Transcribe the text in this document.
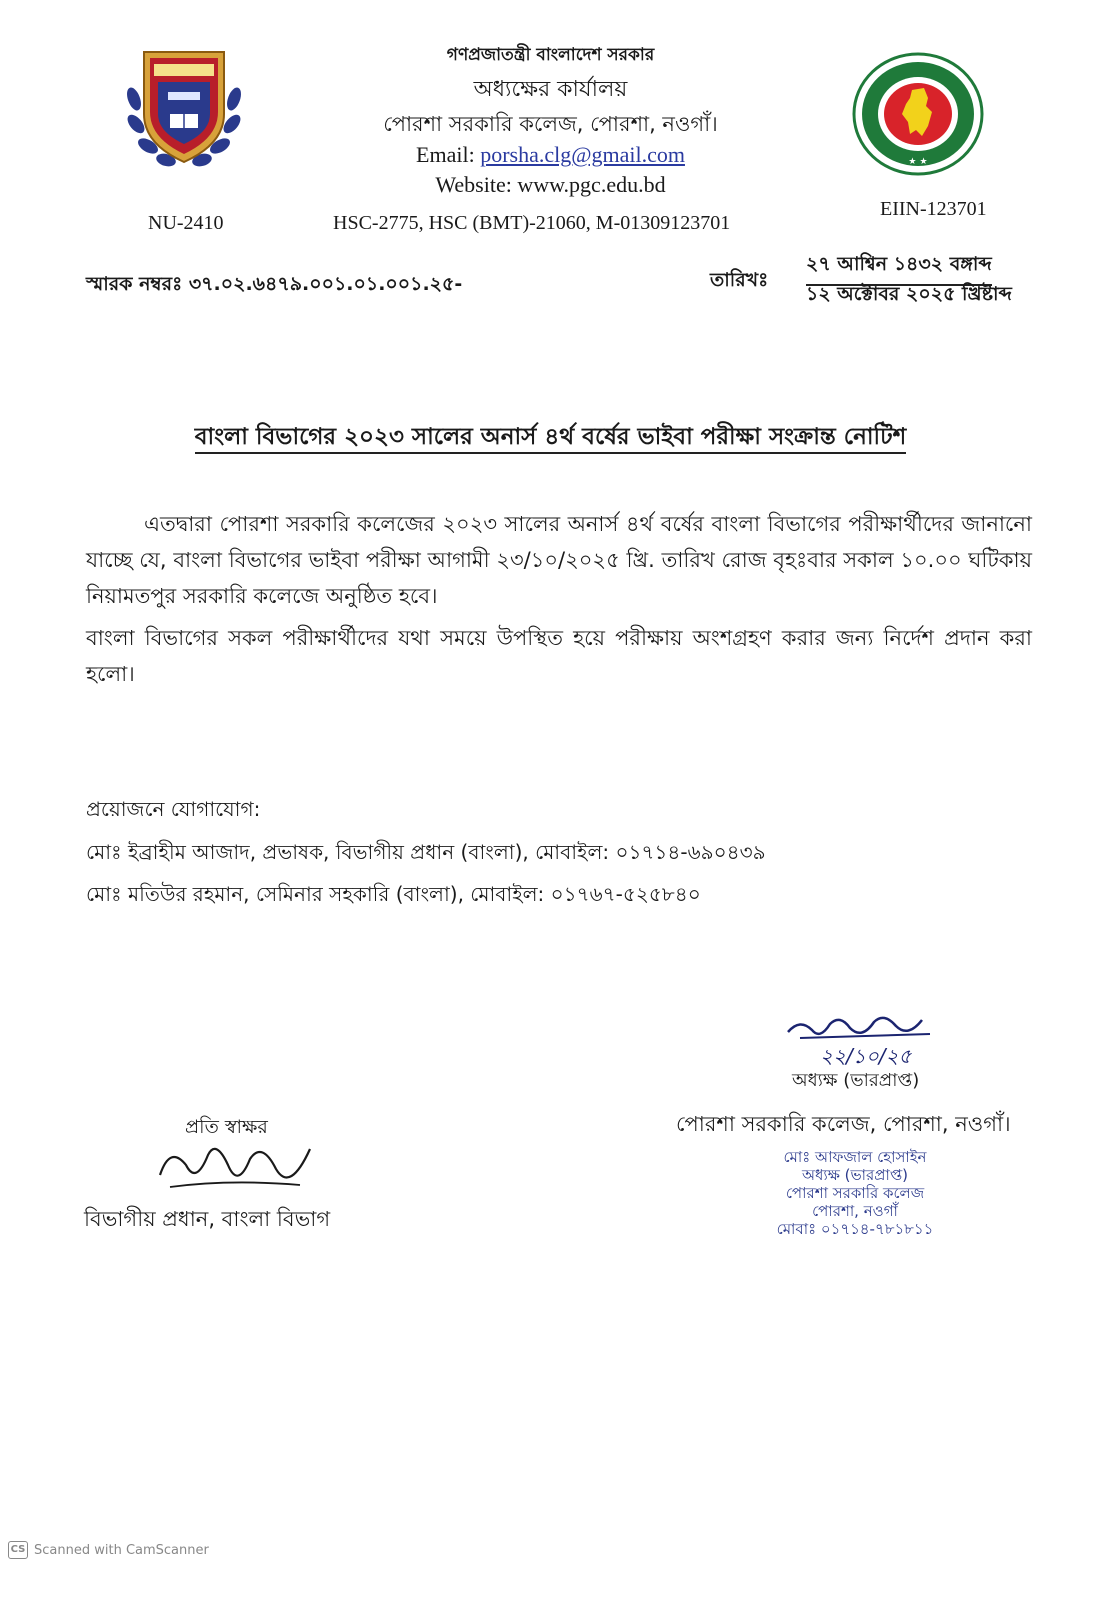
★ ★
গণপ্রজাতন্ত্রী বাংলাদেশ সরকার
অধ্যক্ষের কার্যালয়
পোরশা সরকারি কলেজ, পোরশা, নওগাঁ।
Email: porsha.clg@gmail.com
Website: www.pgc.edu.bd
NU-2410	HSC-2775, HSC (BMT)-21060, M-01309123701
EIIN-123701
স্মারক নম্বরঃ ৩৭.০২.৬৪৭৯.০০১.০১.০০১.২৫-	তারিখঃ
২৭ আশ্বিন ১৪৩২ বঙ্গাব্দ
১২ অক্টোবর ২০২৫ খ্রিষ্টাব্দ
বাংলা বিভাগের ২০২৩ সালের অনার্স ৪র্থ বর্ষের ভাইবা পরীক্ষা সংক্রান্ত নোটিশ
এতদ্বারা পোরশা সরকারি কলেজের ২০২৩ সালের অনার্স ৪র্থ বর্ষের বাংলা বিভাগের পরীক্ষার্থীদের জানানো যাচ্ছে যে, বাংলা বিভাগের ভাইবা পরীক্ষা আগামী ২৩/১০/২০২৫ খ্রি. তারিখ রোজ বৃহঃবার সকাল ১০.০০ ঘটিকায় নিয়ামতপুর সরকারি কলেজে অনুষ্ঠিত হবে।
বাংলা বিভাগের সকল পরীক্ষার্থীদের যথা সময়ে উপস্থিত হয়ে পরীক্ষায় অংশগ্রহণ করার জন্য নির্দেশ প্রদান করা হলো।
প্রয়োজনে যোগাযোগ:
মোঃ ইব্রাহীম আজাদ, প্রভাষক, বিভাগীয় প্রধান (বাংলা), মোবাইল: ০১৭১৪-৬৯০৪৩৯
মোঃ মতিউর রহমান, সেমিনার সহকারি (বাংলা), মোবাইল: ০১৭৬৭-৫২৫৮৪০
২২/১০/২৫
অধ্যক্ষ (ভারপ্রাপ্ত)
পোরশা সরকারি কলেজ, পোরশা, নওগাঁ।
মোঃ আফজাল হোসাইন
অধ্যক্ষ (ভারপ্রাপ্ত)
পোরশা সরকারি কলেজ
পোরশা, নওগাঁ
মোবাঃ ০১৭১৪-৭৮১৮১১
প্রতি স্বাক্ষর
বিভাগীয় প্রধান, বাংলা বিভাগ
CS Scanned with CamScanner
